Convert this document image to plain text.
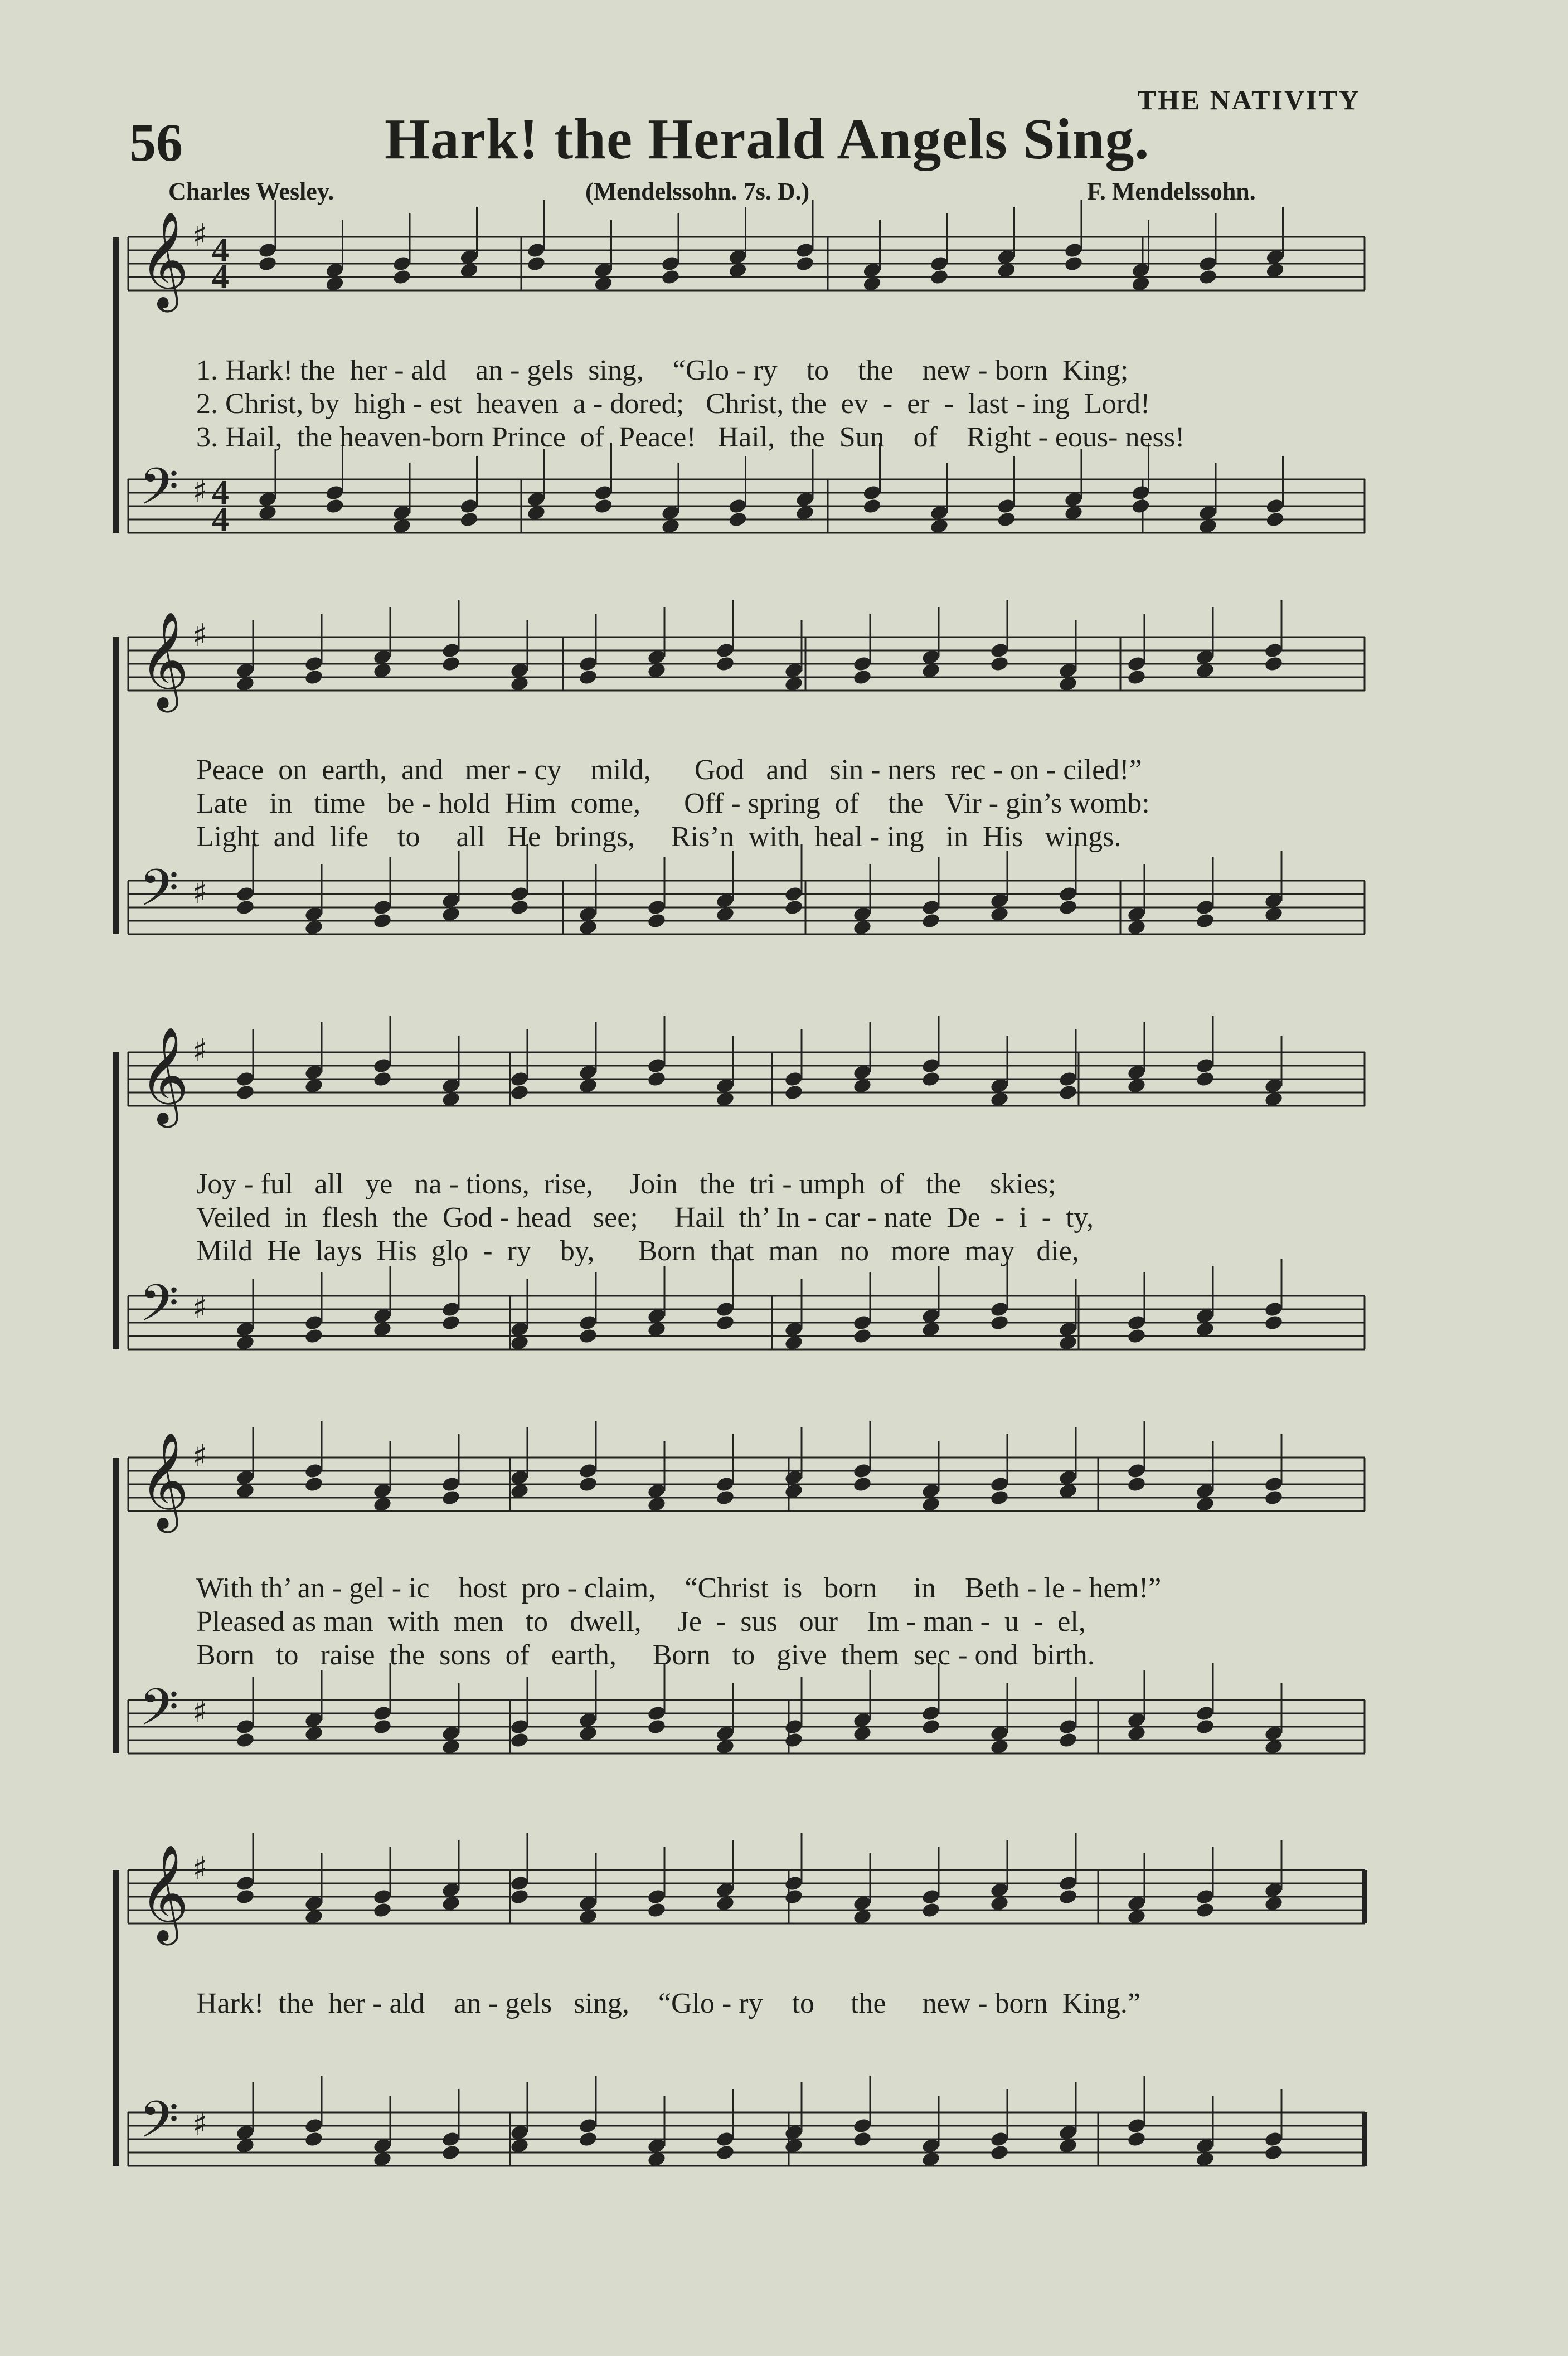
56
THE NATIVITY
Hark! the Herald Angels Sing.
Charles Wesley.	(Mendelssohn. 7s. D.)	F. Mendelssohn.
𝄞 ♯ 4
4
𝄢 ♯ 4
4
𝄞 ♯
𝄢 ♯
𝄞 ♯
𝄢 ♯
𝄞 ♯
𝄢 ♯
𝄞 ♯
𝄢 ♯
1. Hark! the  her - ald    an - gels  sing,    “Glo - ry    to    the    new - born  King;
2. Christ, by  high - est  heaven  a - dored;   Christ, the  ev  -  er  -  last - ing  Lord!
3. Hail,  the heaven-born Prince  of  Peace!   Hail,  the  Sun    of    Right - eous- ness!
Peace  on  earth,  and   mer - cy    mild,      God   and   sin - ners  rec - on - ciled!”
Late   in   time   be - hold  Him  come,      Off - spring  of    the   Vir - gin’s womb:
Light  and  life    to     all   He  brings,     Ris’n  with  heal - ing   in  His   wings.
Joy - ful   all   ye   na - tions,  rise,     Join   the  tri - umph  of   the    skies;
Veiled  in  flesh  the  God - head   see;     Hail  th’ In - car - nate  De  -  i  -  ty,
Mild  He  lays  His  glo  -  ry    by,      Born  that  man   no   more  may   die,
With th’ an - gel - ic    host  pro - claim,    “Christ  is   born     in    Beth - le - hem!”
Pleased as man  with  men   to   dwell,     Je  -  sus   our    Im - man -  u  -  el,
Born   to   raise  the  sons  of   earth,     Born   to   give  them  sec - ond  birth.
Hark!  the  her - ald    an - gels   sing,    “Glo - ry    to     the     new - born  King.”
